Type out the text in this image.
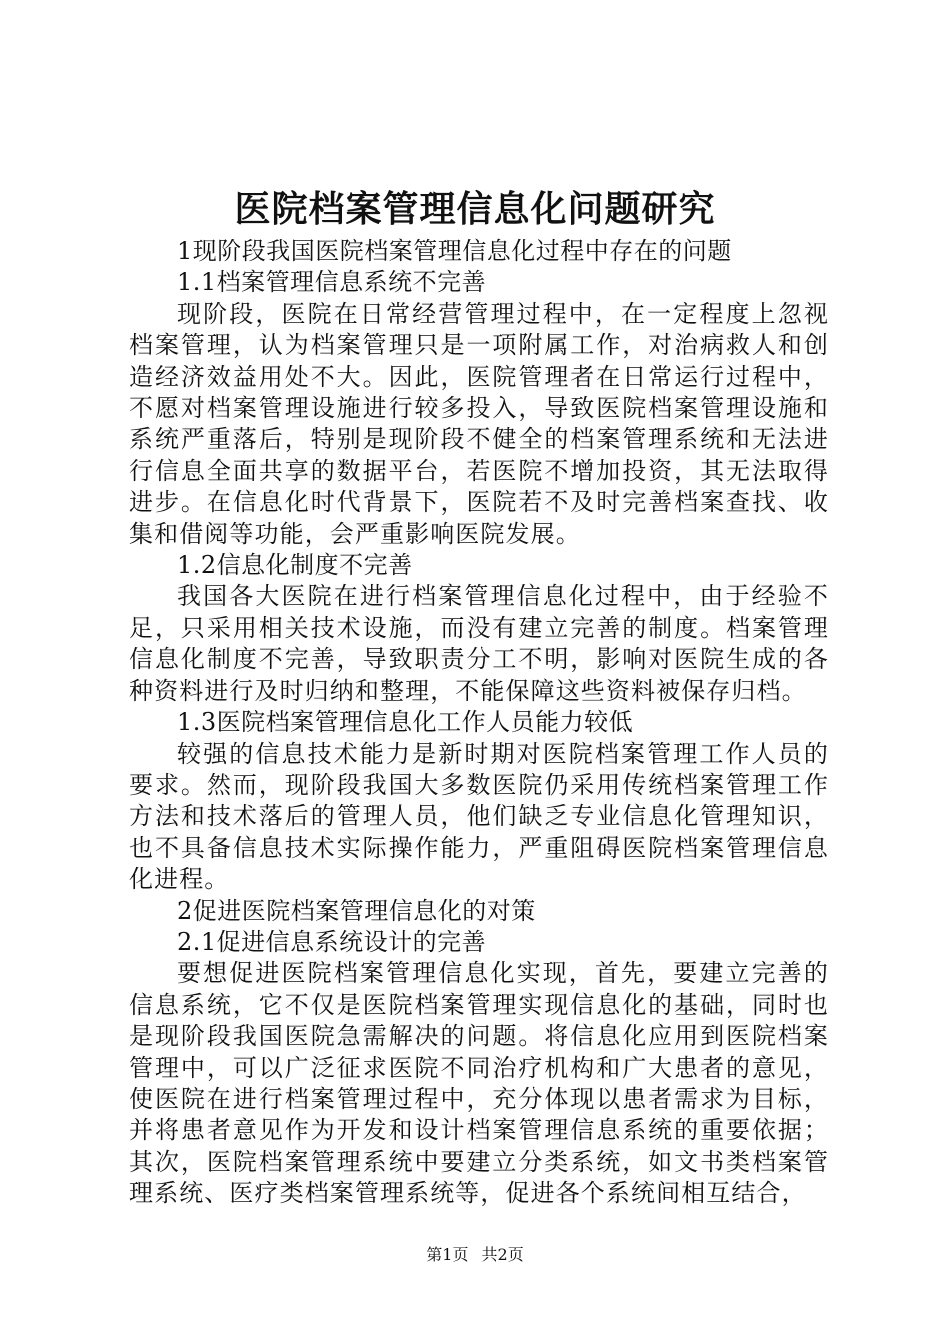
医院档案管理信息化问题研究

1现阶段我国医院档案管理信息化过程中存在的问题

1.1档案管理信息系统不完善

现阶段，医院在日常经营管理过程中，在一定程度上忽视档案管理，认为档案管理只是一项附属工作，对治病救人和创造经济效益用处不大。因此，医院管理者在日常运行过程中，不愿对档案管理设施进行较多投入，导致医院档案管理设施和系统严重落后，特别是现阶段不健全的档案管理系统和无法进行信息全面共享的数据平台，若医院不增加投资，其无法取得进步。在信息化时代背景下，医院若不及时完善档案查找、收集和借阅等功能，会严重影响医院发展。

1.2信息化制度不完善

我国各大医院在进行档案管理信息化过程中，由于经验不足，只采用相关技术设施，而没有建立完善的制度。档案管理信息化制度不完善，导致职责分工不明，影响对医院生成的各种资料进行及时归纳和整理，不能保障这些资料被保存归档。

1.3医院档案管理信息化工作人员能力较低

较强的信息技术能力是新时期对医院档案管理工作人员的要求。然而，现阶段我国大多数医院仍采用传统档案管理工作方法和技术落后的管理人员，他们缺乏专业信息化管理知识，也不具备信息技术实际操作能力，严重阻碍医院档案管理信息化进程。

2促进医院档案管理信息化的对策

2.1促进信息系统设计的完善

要想促进医院档案管理信息化实现，首先，要建立完善的信息系统，它不仅是医院档案管理实现信息化的基础，同时也是现阶段我国医院急需解决的问题。将信息化应用到医院档案管理中，可以广泛征求医院不同治疗机构和广大患者的意见，使医院在进行档案管理过程中，充分体现以患者需求为目标，并将患者意见作为开发和设计档案管理信息系统的重要依据；其次，医院档案管理系统中要建立分类系统，如文书类档案管理系统、医疗类档案管理系统等，促进各个系统间相互结合，

第1页 共2页
